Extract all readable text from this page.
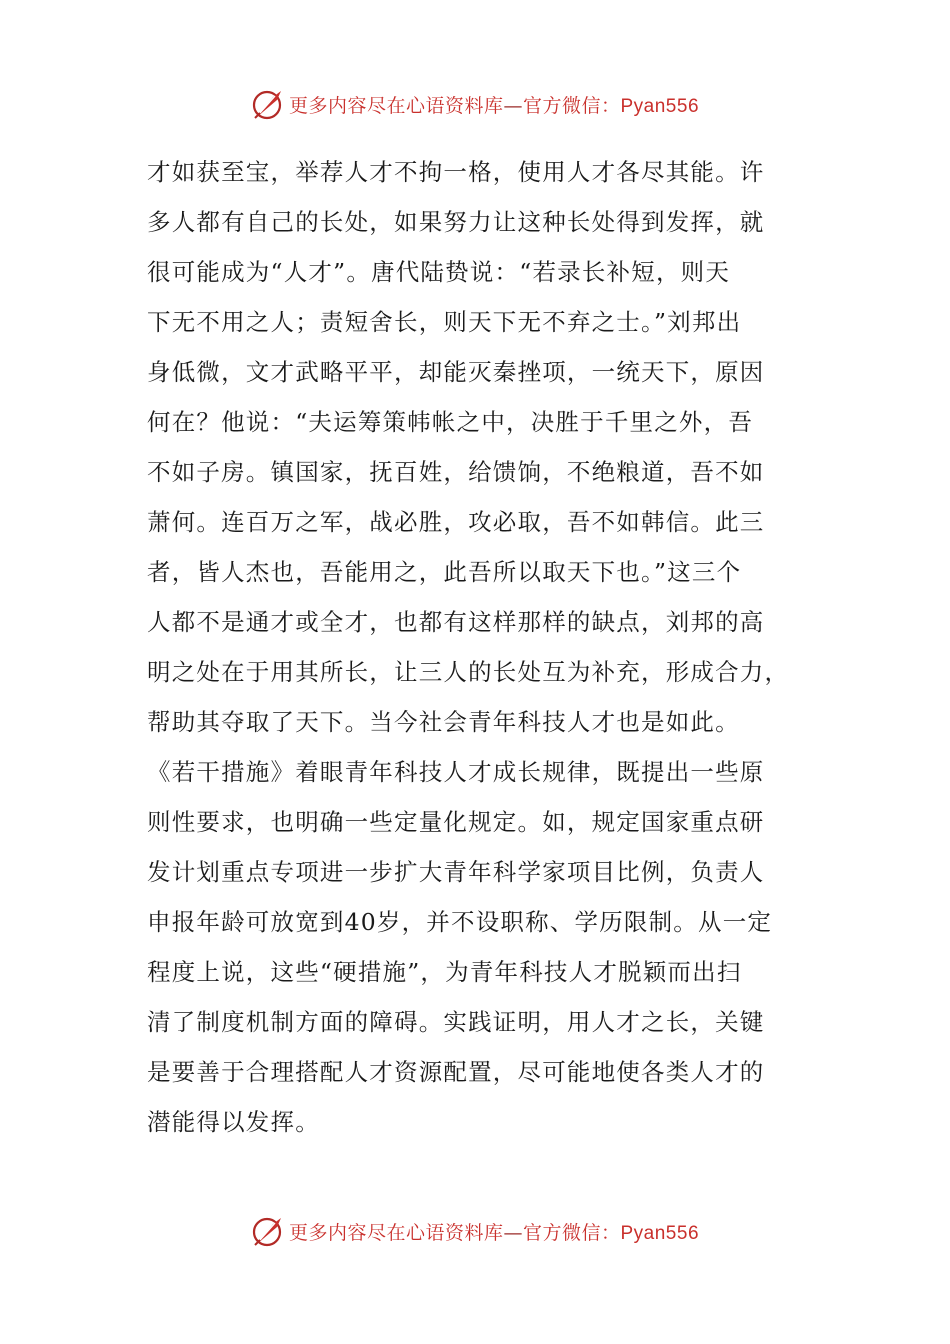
更多内容尽在心语资料库—官方微信：Pyan556
才如获至宝，举荐人才不拘一格，使用人才各尽其能。许
多人都有自己的长处，如果努力让这种长处得到发挥，就
很可能成为“人才”。唐代陆贽说：“若录长补短，则天
下无不用之人；责短舍长，则天下无不弃之士。”刘邦出
身低微，文才武略平平，却能灭秦挫项，一统天下，原因
何在？他说：“夫运筹策帏帐之中，决胜于千里之外，吾
不如子房。镇国家，抚百姓，给馈饷，不绝粮道，吾不如
萧何。连百万之军，战必胜，攻必取，吾不如韩信。此三
者，皆人杰也，吾能用之，此吾所以取天下也。”这三个
人都不是通才或全才，也都有这样那样的缺点，刘邦的高
明之处在于用其所长，让三人的长处互为补充，形成合力，
帮助其夺取了天下。当今社会青年科技人才也是如此。
《若干措施》着眼青年科技人才成长规律，既提出一些原
则性要求，也明确一些定量化规定。如，规定国家重点研
发计划重点专项进一步扩大青年科学家项目比例，负责人
申报年龄可放宽到40岁，并不设职称、学历限制。从一定
程度上说，这些“硬措施”，为青年科技人才脱颖而出扫
清了制度机制方面的障碍。实践证明，用人才之长，关键
是要善于合理搭配人才资源配置，尽可能地使各类人才的
潜能得以发挥。
更多内容尽在心语资料库—官方微信：Pyan556
